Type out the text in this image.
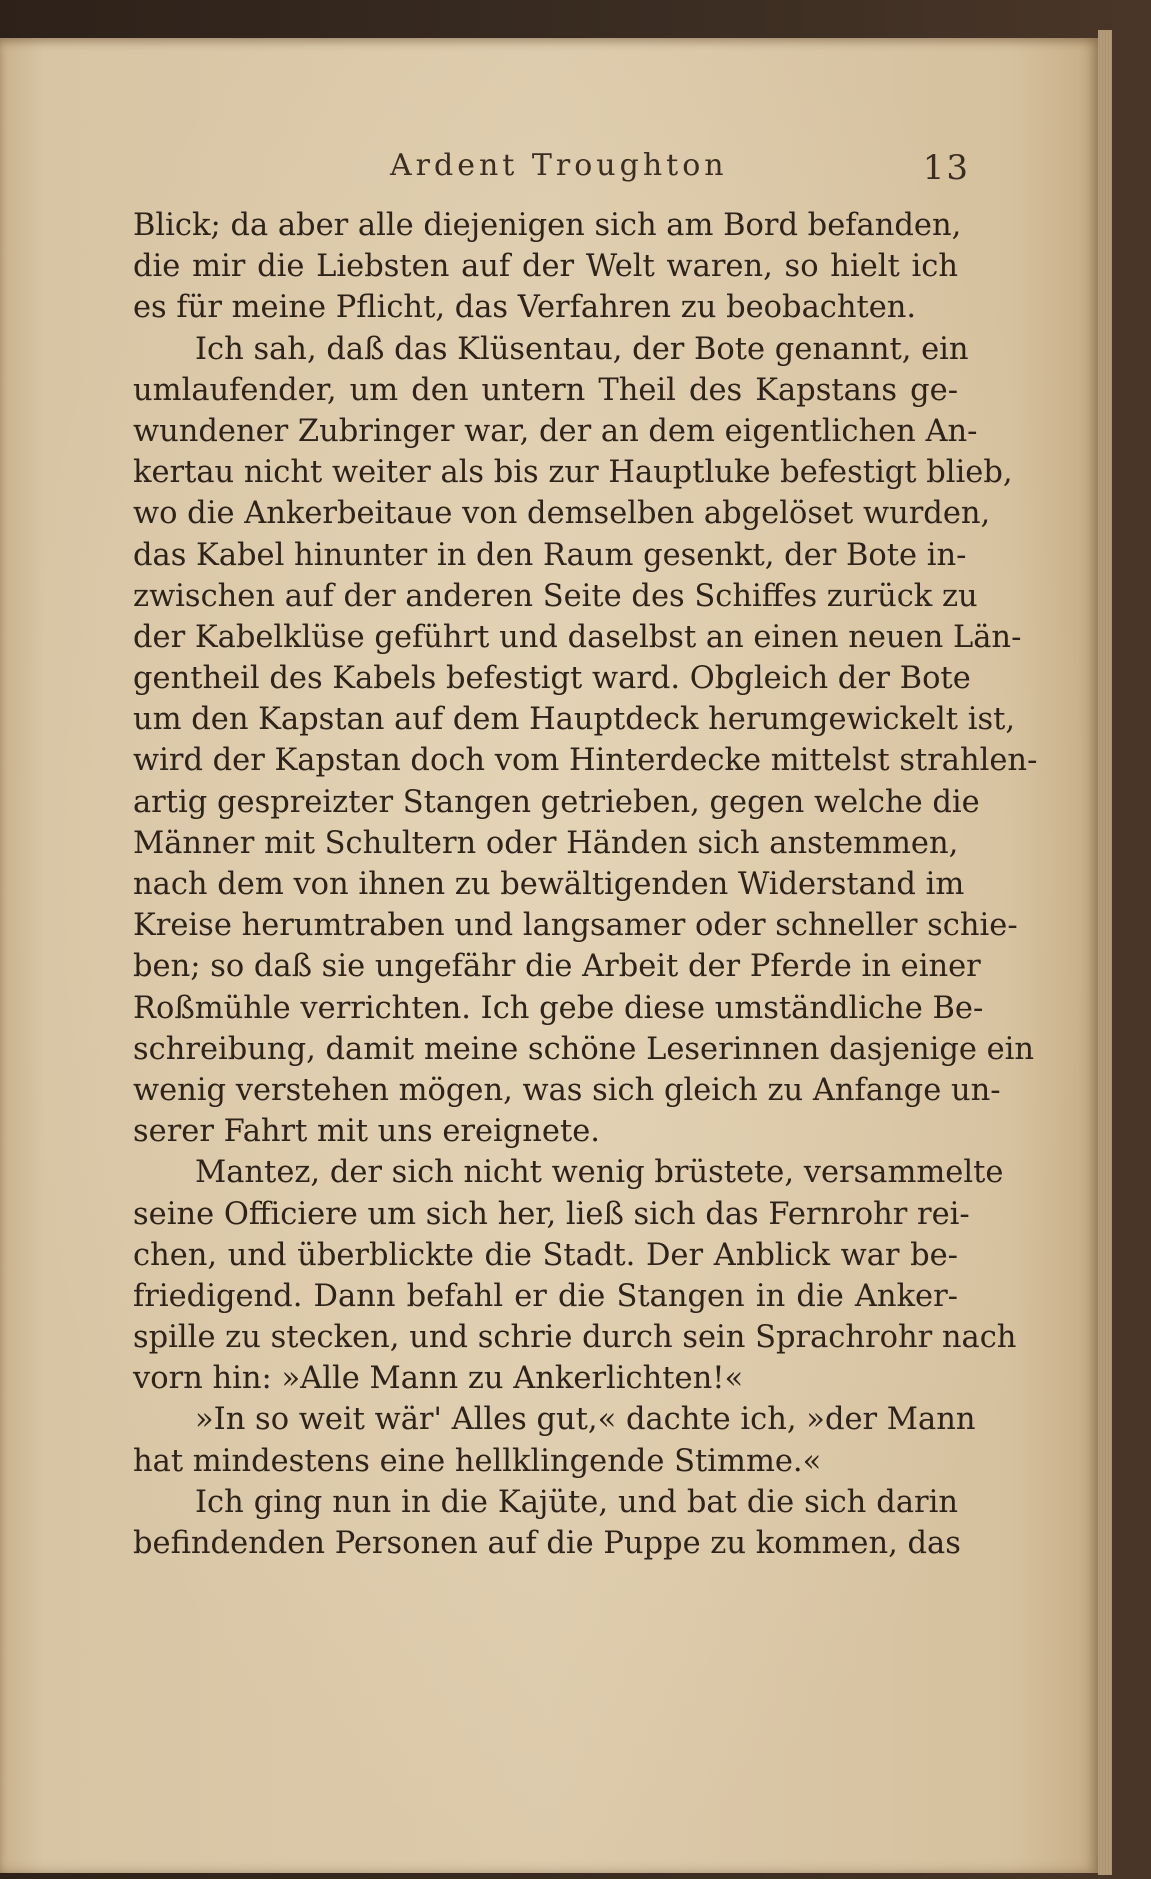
Ardent Troughton	13
Blick; da aber alle diejenigen sich am Bord befanden,
die mir die Liebsten auf der Welt waren, so hielt ich
es für meine Pflicht, das Verfahren zu beobachten.
Ich sah, daß das Klüsentau, der Bote genannt, ein
umlaufender, um den untern Theil des Kapstans ge-
wundener Zubringer war, der an dem eigentlichen An-
kertau nicht weiter als bis zur Hauptluke befestigt blieb,
wo die Ankerbeitaue von demselben abgelöset wurden,
das Kabel hinunter in den Raum gesenkt, der Bote in-
zwischen auf der anderen Seite des Schiffes zurück zu
der Kabelklüse geführt und daselbst an einen neuen Län-
gentheil des Kabels befestigt ward. Obgleich der Bote
um den Kapstan auf dem Hauptdeck herumgewickelt ist,
wird der Kapstan doch vom Hinterdecke mittelst strahlen-
artig gespreizter Stangen getrieben, gegen welche die
Männer mit Schultern oder Händen sich anstemmen,
nach dem von ihnen zu bewältigenden Widerstand im
Kreise herumtraben und langsamer oder schneller schie-
ben; so daß sie ungefähr die Arbeit der Pferde in einer
Roßmühle verrichten. Ich gebe diese umständliche Be-
schreibung, damit meine schöne Leserinnen dasjenige ein
wenig verstehen mögen, was sich gleich zu Anfange un-
serer Fahrt mit uns ereignete.
Mantez, der sich nicht wenig brüstete, versammelte
seine Officiere um sich her, ließ sich das Fernrohr rei-
chen, und überblickte die Stadt. Der Anblick war be-
friedigend. Dann befahl er die Stangen in die Anker-
spille zu stecken, und schrie durch sein Sprachrohr nach
vorn hin: »Alle Mann zu Ankerlichten!«
»In so weit wär' Alles gut,« dachte ich, »der Mann
hat mindestens eine hellklingende Stimme.«
Ich ging nun in die Kajüte, und bat die sich darin
befindenden Personen auf die Puppe zu kommen, das
